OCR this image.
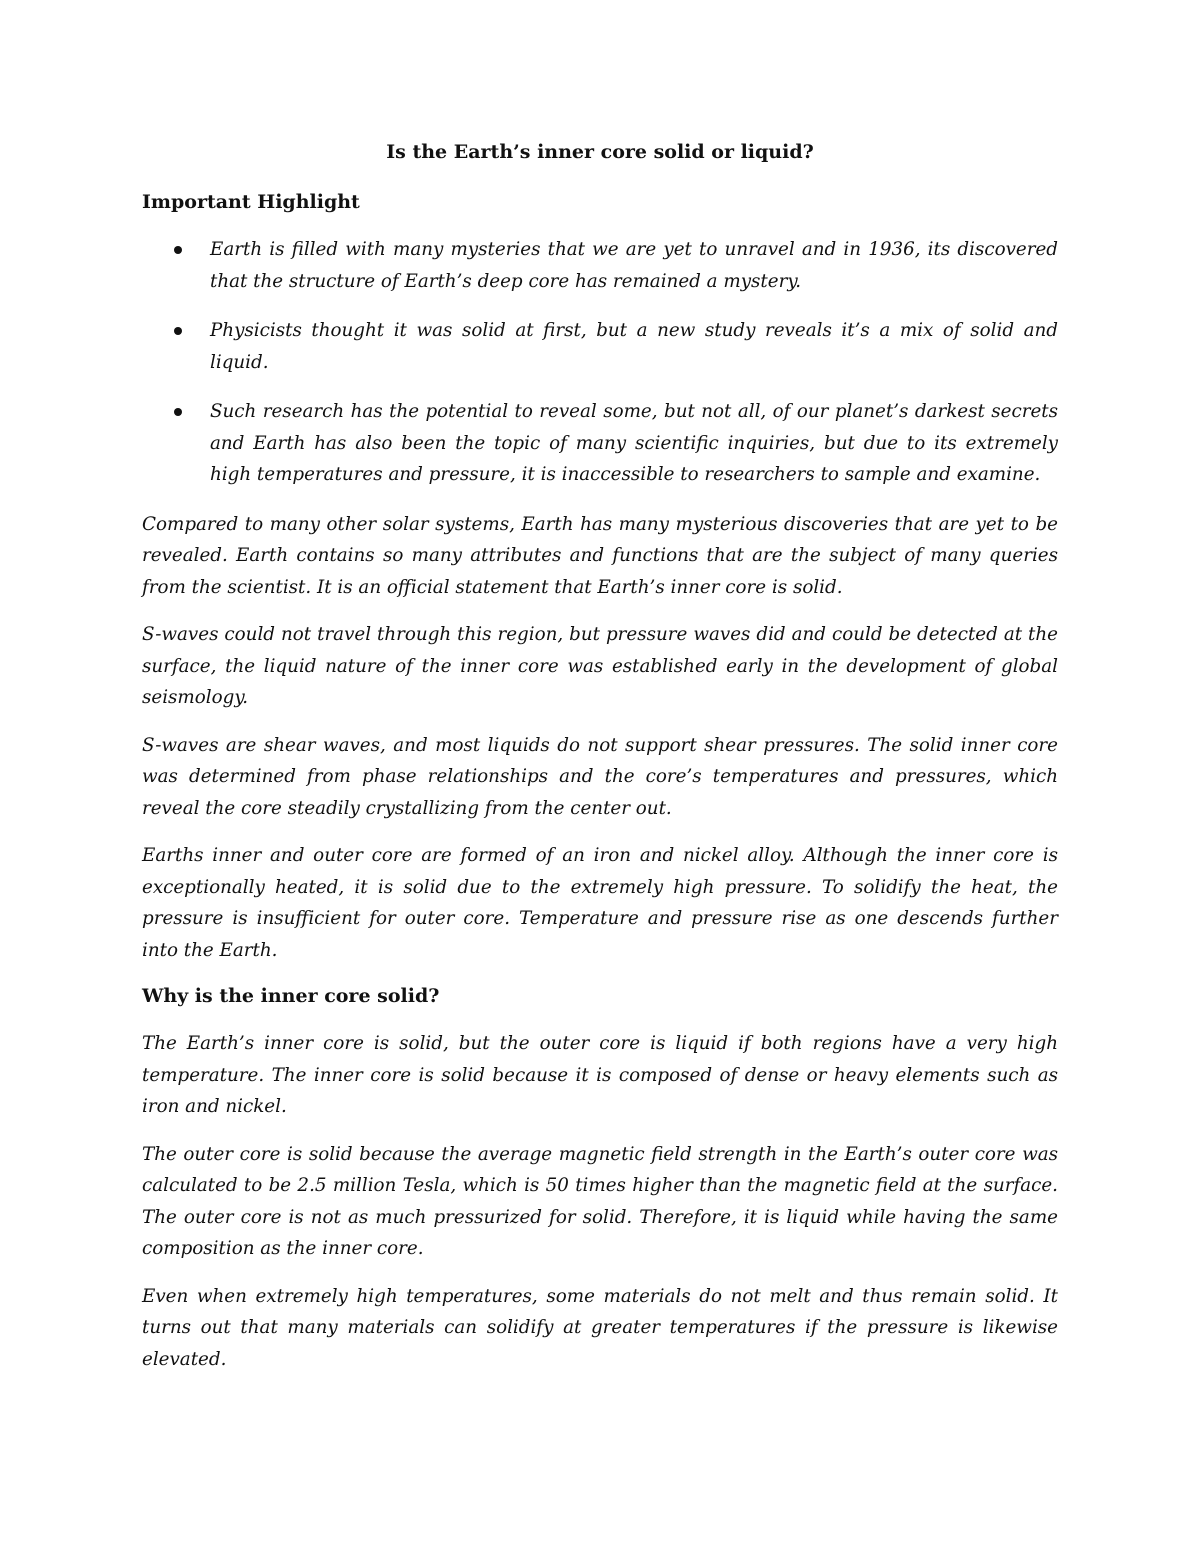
Is the Earth’s inner core solid or liquid?
Important Highlight

Earth is filled with many mysteries that we are yet to unravel and in 1936, its discovered that the structure of Earth’s deep core has remained a mystery.

Physicists thought it was solid at first, but a new study reveals it’s a mix of solid and liquid.

Such research has the potential to reveal some, but not all, of our planet’s darkest secrets and Earth has also been the topic of many scientific inquiries, but due to its extremely high temperatures and pressure, it is inaccessible to researchers to sample and examine.

Compared to many other solar systems, Earth has many mysterious discoveries that are yet to be revealed. Earth contains so many attributes and functions that are the subject of many queries from the scientist. It is an official statement that Earth’s inner core is solid.

S-waves could not travel through this region, but pressure waves did and could be detected at the surface, the liquid nature of the inner core was established early in the development of global seismology.

S-waves are shear waves, and most liquids do not support shear pressures. The solid inner core was determined from phase relationships and the core’s temperatures and pressures, which reveal the core steadily crystallizing from the center out.

Earths inner and outer core are formed of an iron and nickel alloy. Although the inner core is exceptionally heated, it is solid due to the extremely high pressure. To solidify the heat, the pressure is insufficient for outer core. Temperature and pressure rise as one descends further into the Earth.

Why is the inner core solid?

The Earth’s inner core is solid, but the outer core is liquid if both regions have a very high temperature. The inner core is solid because it is composed of dense or heavy elements such as iron and nickel.

The outer core is solid because the average magnetic field strength in the Earth’s outer core was calculated to be 2.5 million Tesla, which is 50 times higher than the magnetic field at the surface. The outer core is not as much pressurized for solid. Therefore, it is liquid while having the same composition as the inner core.

Even when extremely high temperatures, some materials do not melt and thus remain solid. It turns out that many materials can solidify at greater temperatures if the pressure is likewise elevated.
